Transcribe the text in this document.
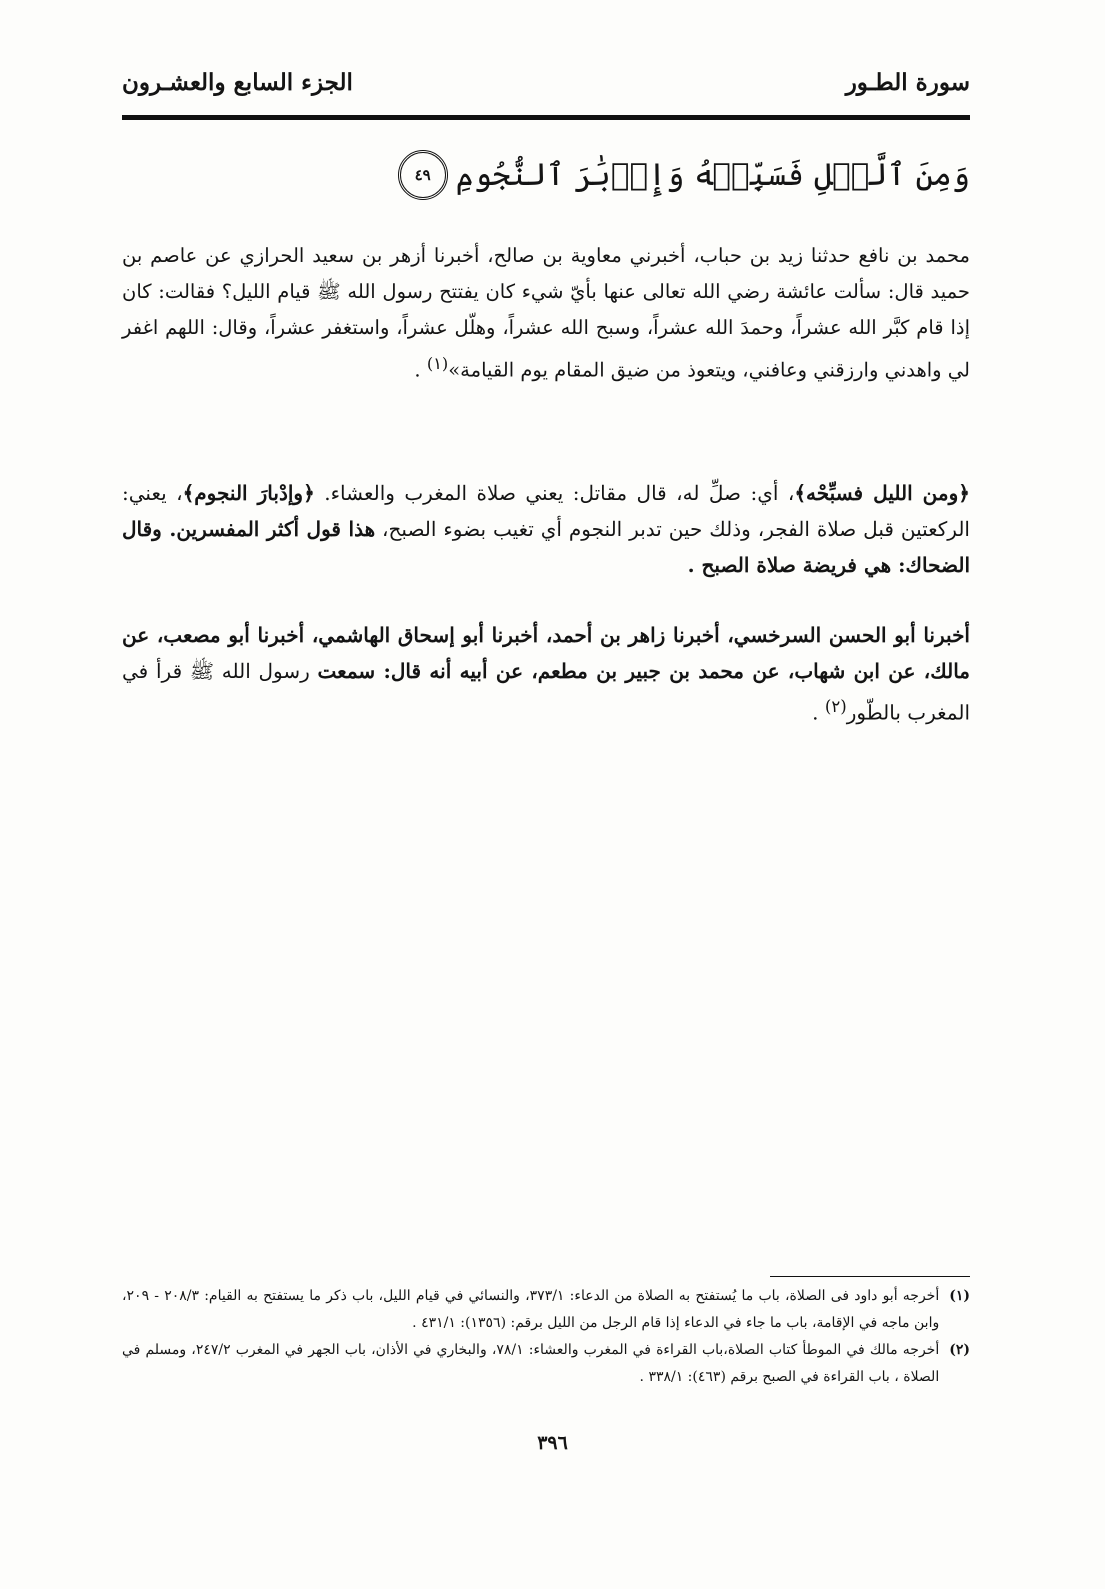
سورة الطـور
الجزء السابع والعشـرون
وَمِنَ ٱلَّيۡلِ فَسَبِّحۡهُ وَإِدۡبَٰرَ ٱلنُّجُومِ
٤٩
محمد بن نافع حدثنا زيد بن حباب، أخبرني معاوية بن صالح، أخبرنا أزهر بن سعيد الحرازي عن عاصم بن حميد قال: سألت عائشة رضي الله تعالى عنها بأيّ شيء كان يفتتح رسول الله ﷺ قيام الليل؟ فقالت: كان إذا قام كبَّر الله عشراً، وحمدَ الله عشراً، وسبح الله عشراً، وهلّل عشراً، واستغفر عشراً، وقال: اللهم اغفر لي واهدني وارزقني وعافني، ويتعوذ من ضيق المقام يوم القيامة»$^{(١)}$ .
﴿ومن الليل فسبِّحْه﴾، أي: صلِّ له، قال مقاتل: يعني صلاة المغرب والعشاء. ﴿وإدْبارَ النجوم﴾، يعني: الركعتين قبل صلاة الفجر، وذلك حين تدبر النجوم أي تغيب بضوء الصبح، هذا قول أكثر المفسرين. وقال الضحاك: هي فريضة صلاة الصبح .
أخبرنا أبو الحسن السرخسي، أخبرنا زاهر بن أحمد، أخبرنا أبو إسحاق الهاشمي، أخبرنا أبو مصعب، عن مالك، عن ابن شهاب، عن محمد بن جبير بن مطعم، عن أبيه أنه قال: سمعت رسول الله ﷺ قرأ في المغرب بالطّور$^{(٢)}$ .
(١)
أخرجه أبو داود فى الصلاة، باب ما يُستفتح به الصلاة من الدعاء: ٣٧٣/١، والنسائي في قيام الليل، باب ذكر ما يستفتح به القيام: ٢٠٨/٣ - ٢٠٩، وابن ماجه في الإقامة، باب ما جاء في الدعاء إذا قام الرجل من الليل برقم: (١٣٥٦): ٤٣١/١ .
(٢)
أخرجه مالك في الموطأ كتاب الصلاة،باب القراءة في المغرب والعشاء: ٧٨/١، والبخاري في الأذان، باب الجهر في المغرب ٢٤٧/٢، ومسلم في الصلاة ، باب القراءة في الصبح برقم (٤٦٣): ٣٣٨/١ .
٣٩٦
